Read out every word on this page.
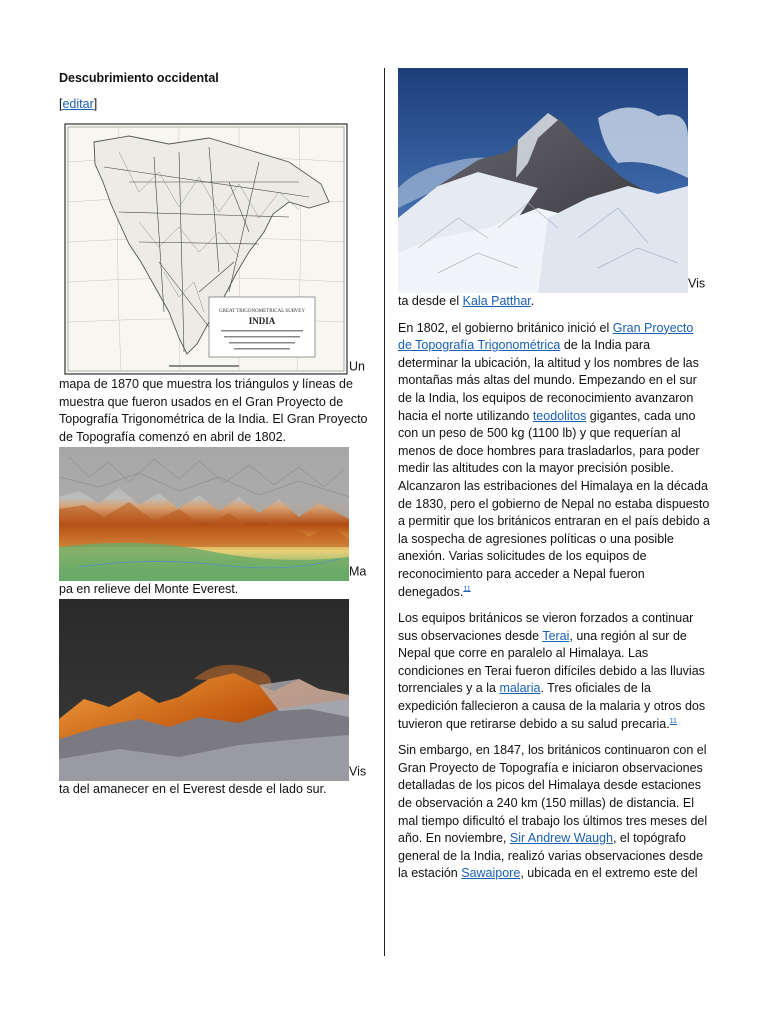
Descubrimiento occidental
[editar]
GREAT TRIGONOMETRICAL SURVEY
INDIA
Un
mapa de 1870 que muestra los triángulos y líneas de muestra que fueron usados en el Gran Proyecto de Topografía Trigonométrica de la India. El Gran Proyecto de Topografía comenzó en abril de 1802.
Ma
pa en relieve del Monte Everest.
Vis
ta del amanecer en el Everest desde el lado sur.
Vis
ta desde el Kala Patthar.

En 1802, el gobierno británico inició el Gran Proyecto de Topografía Trigonométrica de la India para determinar la ubicación, la altitud y los nombres de las montañas más altas del mundo. Empezando en el sur de la India, los equipos de reconocimiento avanzaron hacia el norte utilizando teodolitos gigantes, cada uno con un peso de 500 kg (1100 lb) y que requerían al menos de doce hombres para trasladarlos, para poder medir las altitudes con la mayor precisión posible. Alcanzaron las estribaciones del Himalaya en la década de 1830, pero el gobierno de Nepal no estaba dispuesto a permitir que los británicos entraran en el país debido a la sospecha de agresiones políticas o una posible anexión. Varias solicitudes de los equipos de reconocimiento para acceder a Nepal fueron denegados.$^{11}$

Los equipos británicos se vieron forzados a continuar sus observaciones desde Terai, una región al sur de Nepal que corre en paralelo al Himalaya. Las condiciones en Terai fueron difíciles debido a las lluvias torrenciales y a la malaria. Tres oficiales de la expedición fallecieron a causa de la malaria y otros dos tuvieron que retirarse debido a su salud precaria.$^{11}$

Sin embargo, en 1847, los británicos continuaron con el Gran Proyecto de Topografía e iniciaron observaciones detalladas de los picos del Himalaya desde estaciones de observación a 240 km (150 millas) de distancia. El mal tiempo dificultó el trabajo los últimos tres meses del año. En noviembre, Sir Andrew Waugh, el topógrafo general de la India, realizó varias observaciones desde la estación Sawaipore, ubicada en el extremo este del
